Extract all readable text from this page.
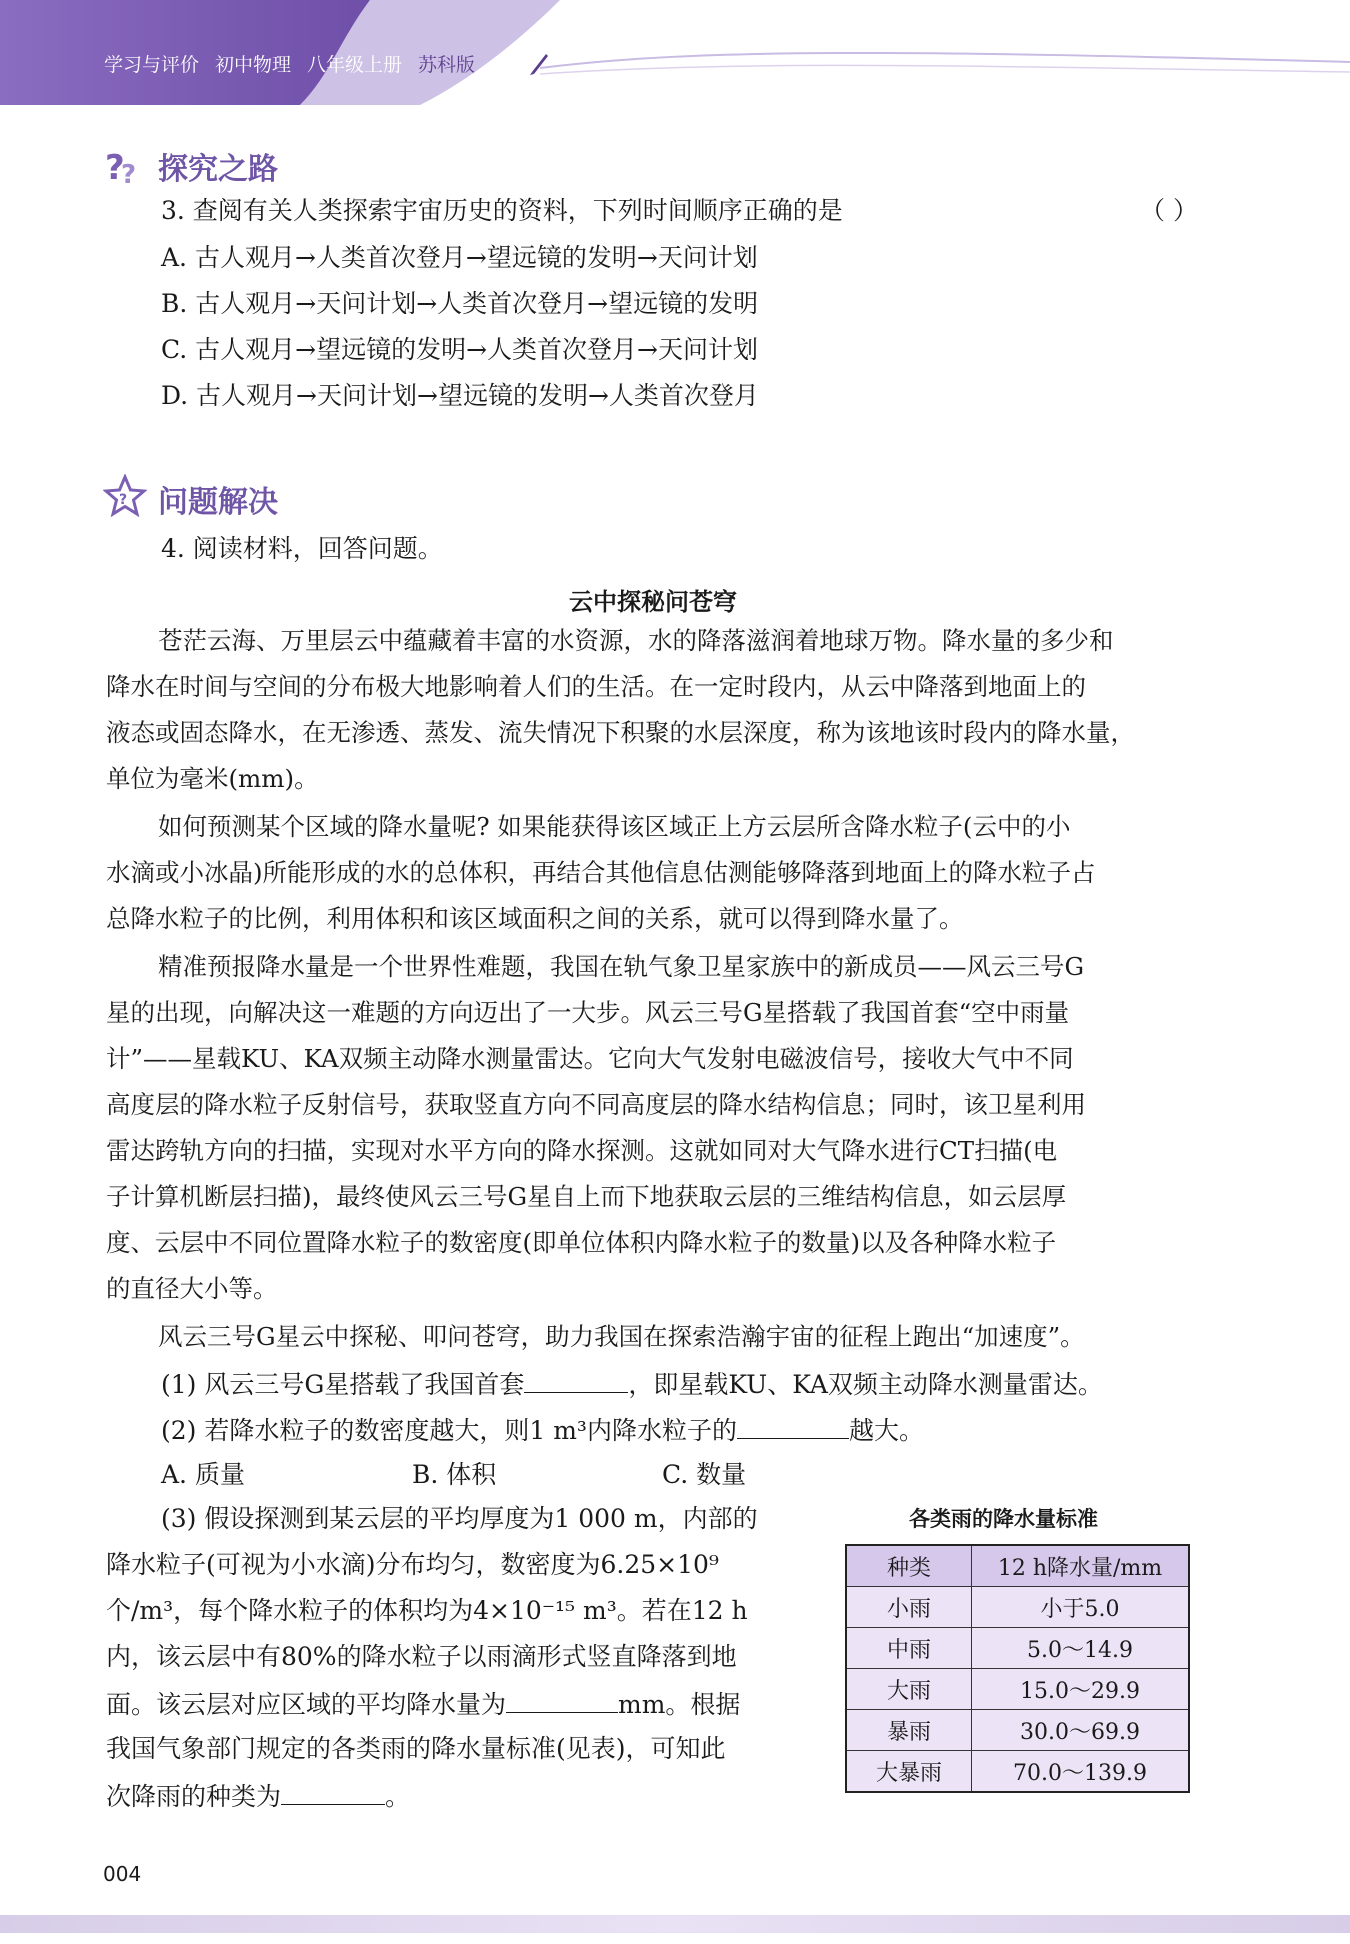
学习与评价 初中物理 八年级上册 苏科版
?
? 探究之路
3. 查阅有关人类探索宇宙历史的资料，下列时间顺序正确的是	（ ）
A. 古人观月→人类首次登月→望远镜的发明→天问计划
B. 古人观月→天问计划→人类首次登月→望远镜的发明
C. 古人观月→望远镜的发明→人类首次登月→天问计划
D. 古人观月→天问计划→望远镜的发明→人类首次登月
? 问题解决
4. 阅读材料，回答问题。
云中探秘问苍穹
苍茫云海、万里层云中蕴藏着丰富的水资源，水的降落滋润着地球万物。降水量的多少和
降水在时间与空间的分布极大地影响着人们的生活。在一定时段内，从云中降落到地面上的
液态或固态降水，在无渗透、蒸发、流失情况下积聚的水层深度，称为该地该时段内的降水量，
单位为毫米(mm)。
如何预测某个区域的降水量呢? 如果能获得该区域正上方云层所含降水粒子(云中的小
水滴或小冰晶)所能形成的水的总体积，再结合其他信息估测能够降落到地面上的降水粒子占
总降水粒子的比例，利用体积和该区域面积之间的关系，就可以得到降水量了。
精准预报降水量是一个世界性难题，我国在轨气象卫星家族中的新成员——风云三号G
星的出现，向解决这一难题的方向迈出了一大步。风云三号G星搭载了我国首套“空中雨量
计”——星载KU、KA双频主动降水测量雷达。它向大气发射电磁波信号，接收大气中不同
高度层的降水粒子反射信号，获取竖直方向不同高度层的降水结构信息；同时，该卫星利用
雷达跨轨方向的扫描，实现对水平方向的降水探测。这就如同对大气降水进行CT扫描(电
子计算机断层扫描)，最终使风云三号G星自上而下地获取云层的三维结构信息，如云层厚
度、云层中不同位置降水粒子的数密度(即单位体积内降水粒子的数量)以及各种降水粒子
的直径大小等。
风云三号G星云中探秘、叩问苍穹，助力我国在探索浩瀚宇宙的征程上跑出“加速度”。
(1) 风云三号G星搭载了我国首套	，即星载KU、KA双频主动降水测量雷达。
(2) 若降水粒子的数密度越大，则1 m³内降水粒子的	越大。
A. 质量	B. 体积	C. 数量
(3) 假设探测到某云层的平均厚度为1 000 m，内部的
降水粒子(可视为小水滴)分布均匀，数密度为6.25×10⁹
个/m³，每个降水粒子的体积均为4×10⁻¹⁵ m³。若在12 h
内，该云层中有80%的降水粒子以雨滴形式竖直降落到地
面。该云层对应区域的平均降水量为	mm。根据
我国气象部门规定的各类雨的降水量标准(见表)，可知此
次降雨的种类为	。
各类雨的降水量标准
种类	12 h降水量/mm
小雨	小于5.0
中雨	5.0～14.9
大雨	15.0～29.9
暴雨	30.0～69.9
大暴雨	70.0～139.9
004
